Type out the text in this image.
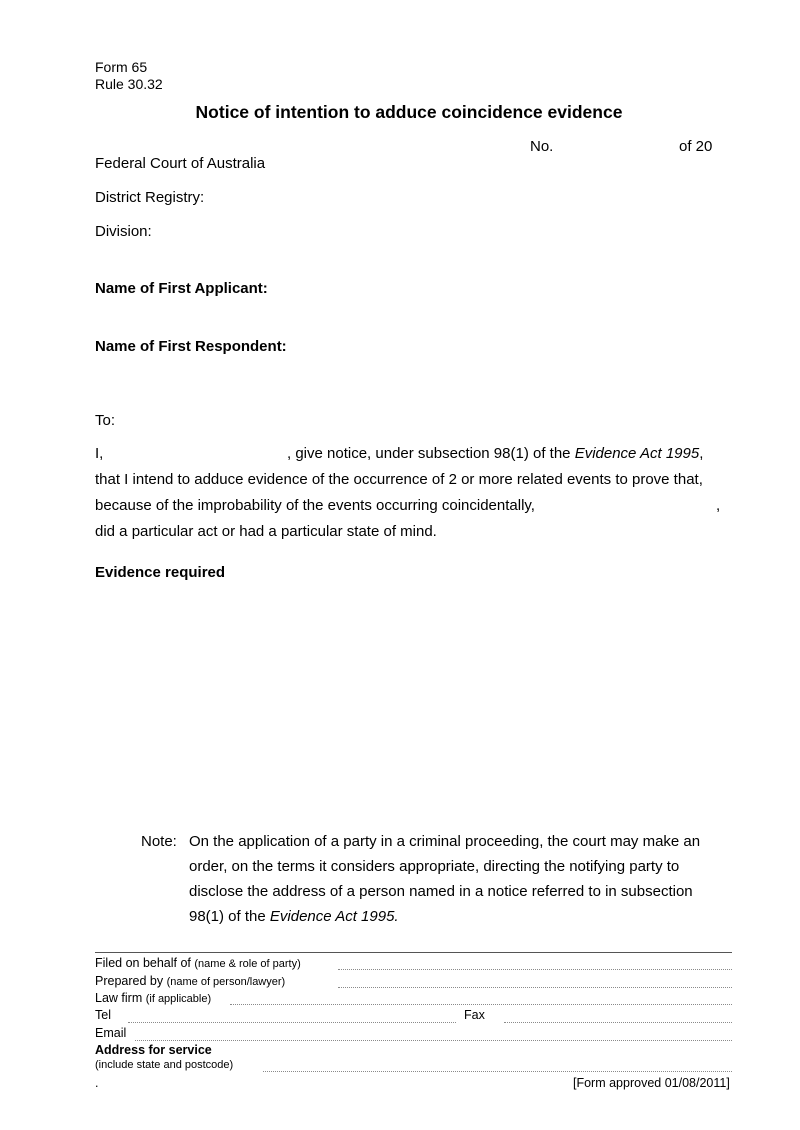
Form 65
Rule 30.32
Notice of intention to adduce coincidence evidence
No.	of 20
Federal Court of Australia
District Registry:
Division:
Name of First Applicant:
Name of First Respondent:
To:
I,	, give notice, under subsection 98(1) of the Evidence Act 1995,
that I intend to adduce evidence of the occurrence of 2 or more related events to prove that,
because of the improbability of the events occurring coincidentally,	,
did a particular act or had a particular state of mind.
Evidence required
Note: On the application of a party in a criminal proceeding, the court may make an
order, on the terms it considers appropriate, directing the notifying party to
disclose the address of a person named in a notice referred to in subsection
98(1) of the Evidence Act 1995.
Filed on behalf of (name & role of party)
Prepared by (name of person/lawyer)
Law firm (if applicable)
Tel	Fax
Email
Address for service
(include state and postcode)
.	[Form approved 01/08/2011]
